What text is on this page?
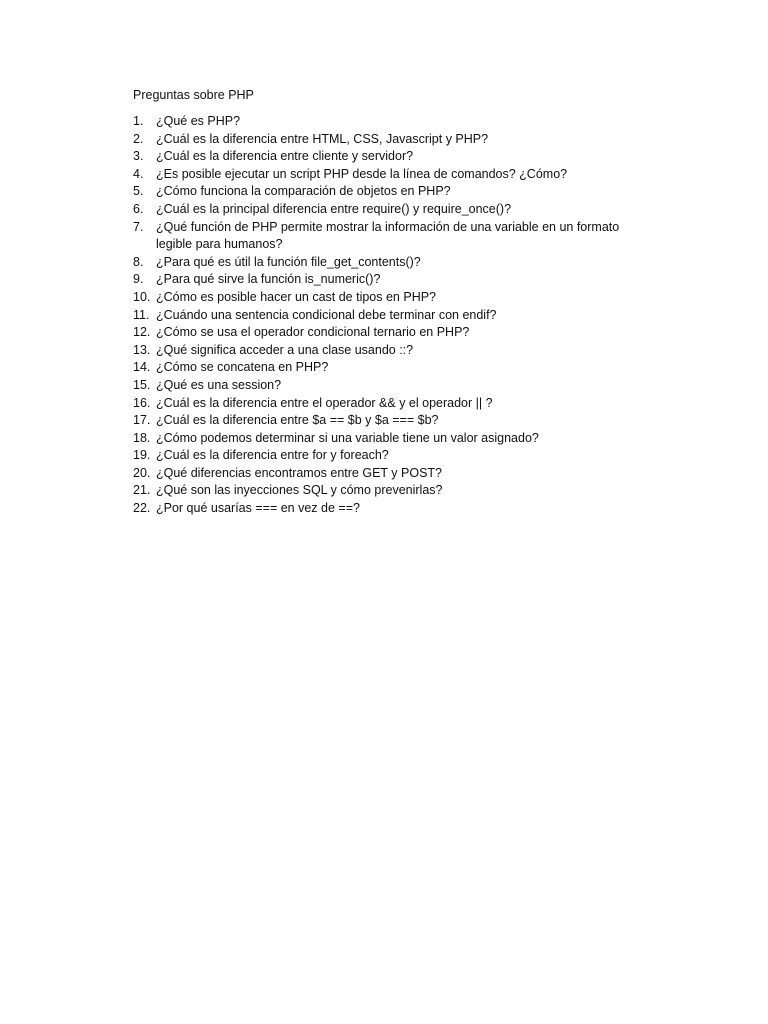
Preguntas sobre PHP
1.	¿Qué es PHP?
2.	¿Cuál es la diferencia entre HTML, CSS, Javascript y PHP?
3.	¿Cuál es la diferencia entre cliente y servidor?
4.	¿Es posible ejecutar un script PHP desde la línea de comandos? ¿Cómo?
5.	¿Cómo funciona la comparación de objetos en PHP?
6.	¿Cuál es la principal diferencia entre require() y require_once()?
7.	¿Qué función de PHP permite mostrar la información de una variable en un formato legible para humanos?
8.	¿Para qué es útil la función file_get_contents()?
9.	¿Para qué sirve la función is_numeric()?
10. ¿Cómo es posible hacer un cast de tipos en PHP?
11. ¿Cuándo una sentencia condicional debe terminar con endif?
12. ¿Cómo se usa el operador condicional ternario en PHP?
13. ¿Qué significa acceder a una clase usando ::?
14. ¿Cómo se concatena en PHP?
15. ¿Qué es una session?
16. ¿Cuál es la diferencia entre el operador && y el operador || ?
17. ¿Cuál es la diferencia entre $a == $b y $a === $b?
18. ¿Cómo podemos determinar si una variable tiene un valor asignado?
19. ¿Cuál es la diferencia entre for y foreach?
20. ¿Qué diferencias encontramos entre GET y POST?
21. ¿Qué son las inyecciones SQL y cómo prevenirlas?
22. ¿Por qué usarías === en vez de ==?
